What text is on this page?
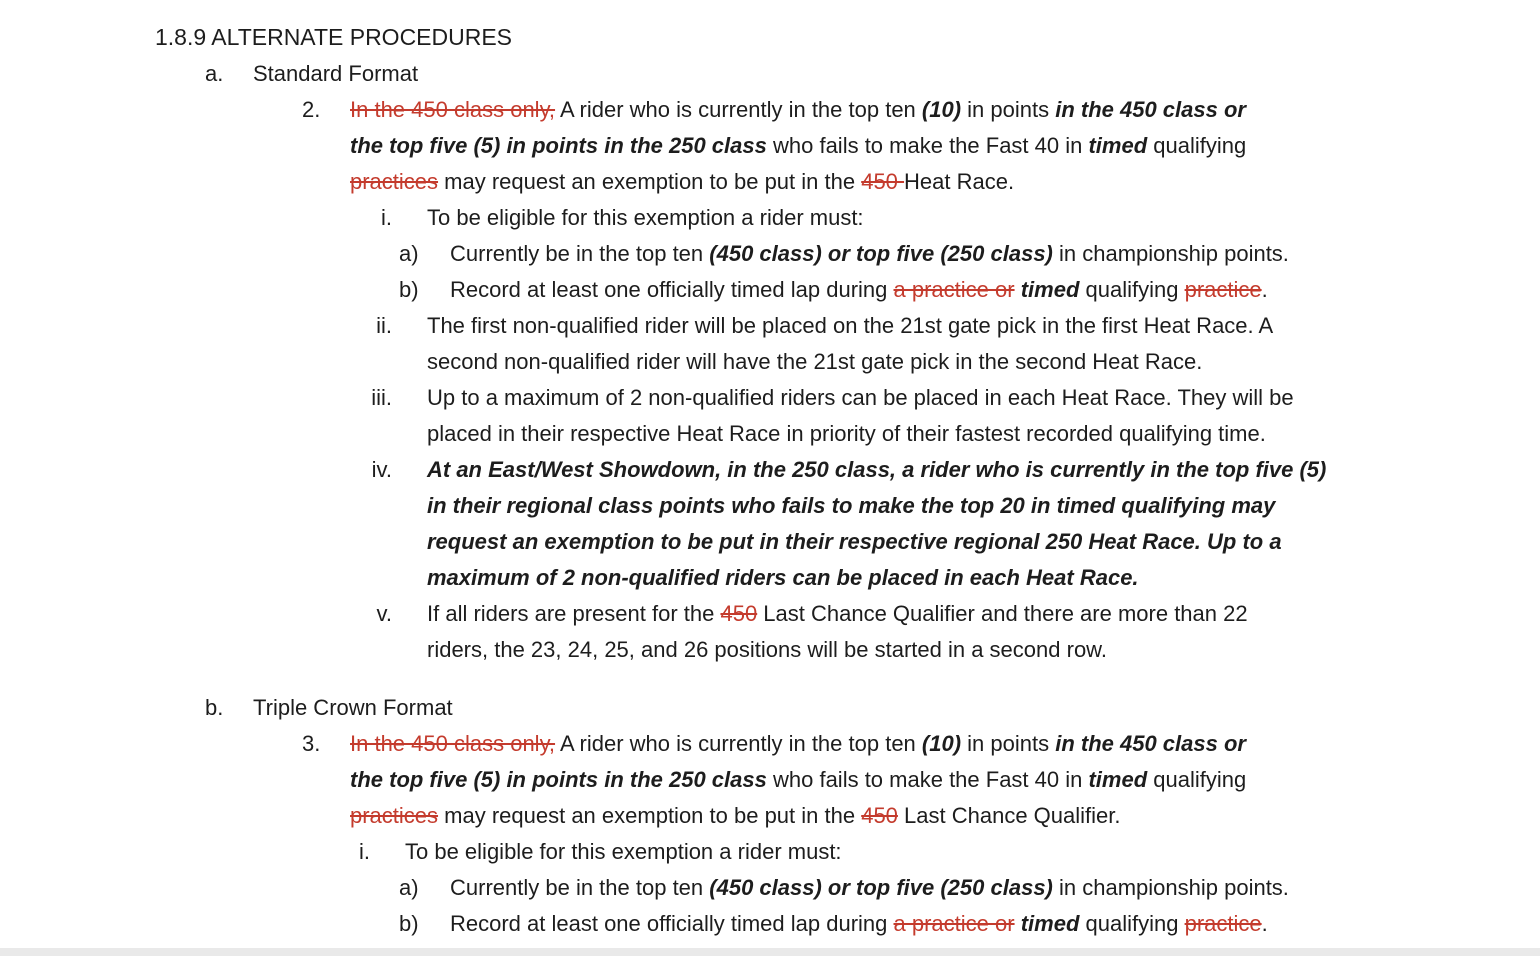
1.8.9 ALTERNATE PROCEDURES
a. Standard Format
2. In the 450 class only, A rider who is currently in the top ten (10) in points in the 450 class or
the top five (5) in points in the 250 class who fails to make the Fast 40 in timed qualifying
practices may request an exemption to be put in the 450 Heat Race.
i. To be eligible for this exemption a rider must:
a) Currently be in the top ten (450 class) or top five (250 class) in championship points.
b) Record at least one officially timed lap during a practice or timed qualifying practice.
ii. The first non-qualified rider will be placed on the 21st gate pick in the first Heat Race. A
second non-qualified rider will have the 21st gate pick in the second Heat Race.
iii. Up to a maximum of 2 non-qualified riders can be placed in each Heat Race. They will be
placed in their respective Heat Race in priority of their fastest recorded qualifying time.
iv. At an East/West Showdown, in the 250 class, a rider who is currently in the top five (5)
in their regional class points who fails to make the top 20 in timed qualifying may
request an exemption to be put in their respective regional 250 Heat Race. Up to a
maximum of 2 non-qualified riders can be placed in each Heat Race.
v. If all riders are present for the 450 Last Chance Qualifier and there are more than 22
riders, the 23, 24, 25, and 26 positions will be started in a second row.
b. Triple Crown Format
3. In the 450 class only, A rider who is currently in the top ten (10) in points in the 450 class or
the top five (5) in points in the 250 class who fails to make the Fast 40 in timed qualifying
practices may request an exemption to be put in the 450 Last Chance Qualifier.
i. To be eligible for this exemption a rider must:
a) Currently be in the top ten (450 class) or top five (250 class) in championship points.
b) Record at least one officially timed lap during a practice or timed qualifying practice.
